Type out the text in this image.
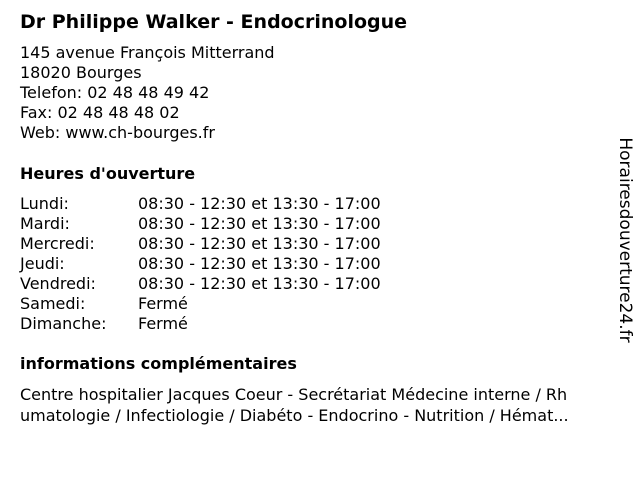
Dr Philippe Walker - Endocrinologue
145 avenue François Mitterrand
18020 Bourges
Telefon: 02 48 48 49 42
Fax: 02 48 48 48 02
Web: www.ch-bourges.fr
Heures d'ouverture
Lundi:	08:30 - 12:30 et 13:30 - 17:00
Mardi:	08:30 - 12:30 et 13:30 - 17:00
Mercredi:	08:30 - 12:30 et 13:30 - 17:00
Jeudi:	08:30 - 12:30 et 13:30 - 17:00
Vendredi:	08:30 - 12:30 et 13:30 - 17:00
Samedi:	Fermé
Dimanche:	Fermé
informations complémentaires
Centre hospitalier Jacques Coeur - Secrétariat Médecine interne / Rh
umatologie / Infectiologie / Diabéto - Endocrino - Nutrition / Hémat...
Horairesdouverture24.fr
